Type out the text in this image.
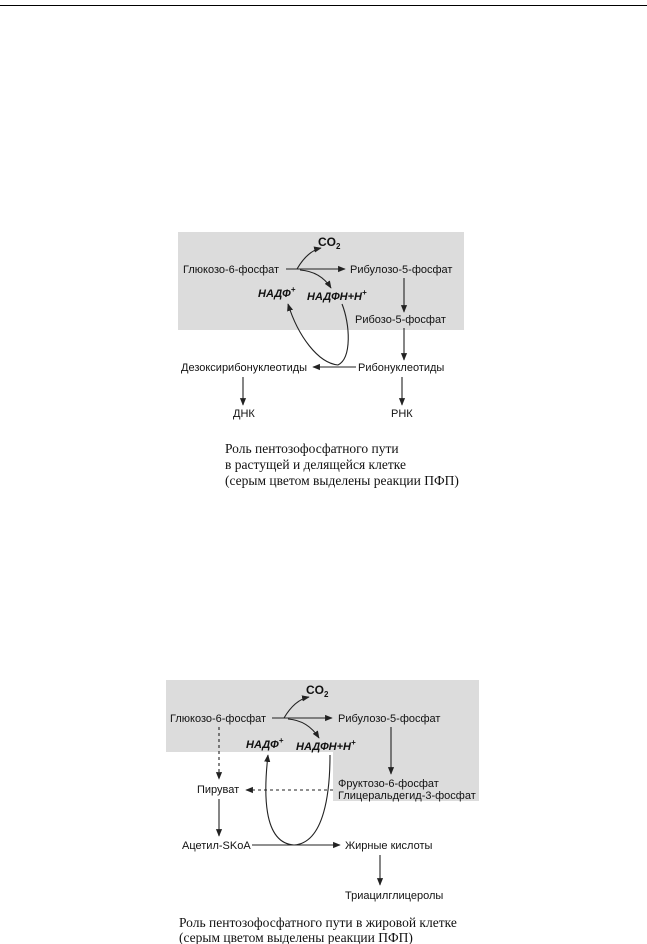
$CO_2$
Глюкозо-6-фосфат	Рибулозо-5-фосфат
НАДФ+
НАДФН+Н+
Рибозо-5-фосфат
Дезоксирибонуклеотиды	Рибонуклеотиды
ДНК	РНК
Роль пентозофосфатного пути
в растущей и делящейся клетке
(серым цветом выделены реакции ПФП)
$CO_2$
Глюкозо-6-фосфат	Рибулозо-5-фосфат
НАДФ+
НАДФН+Н+
Фруктозо-6-фосфат
Глицеральдегид-3-фосфат
Пируват
Ацетил-SKoA	Жирные кислоты
Триацилглицеролы
Роль пентозофосфатного пути в жировой клетке
(серым цветом выделены реакции ПФП)
